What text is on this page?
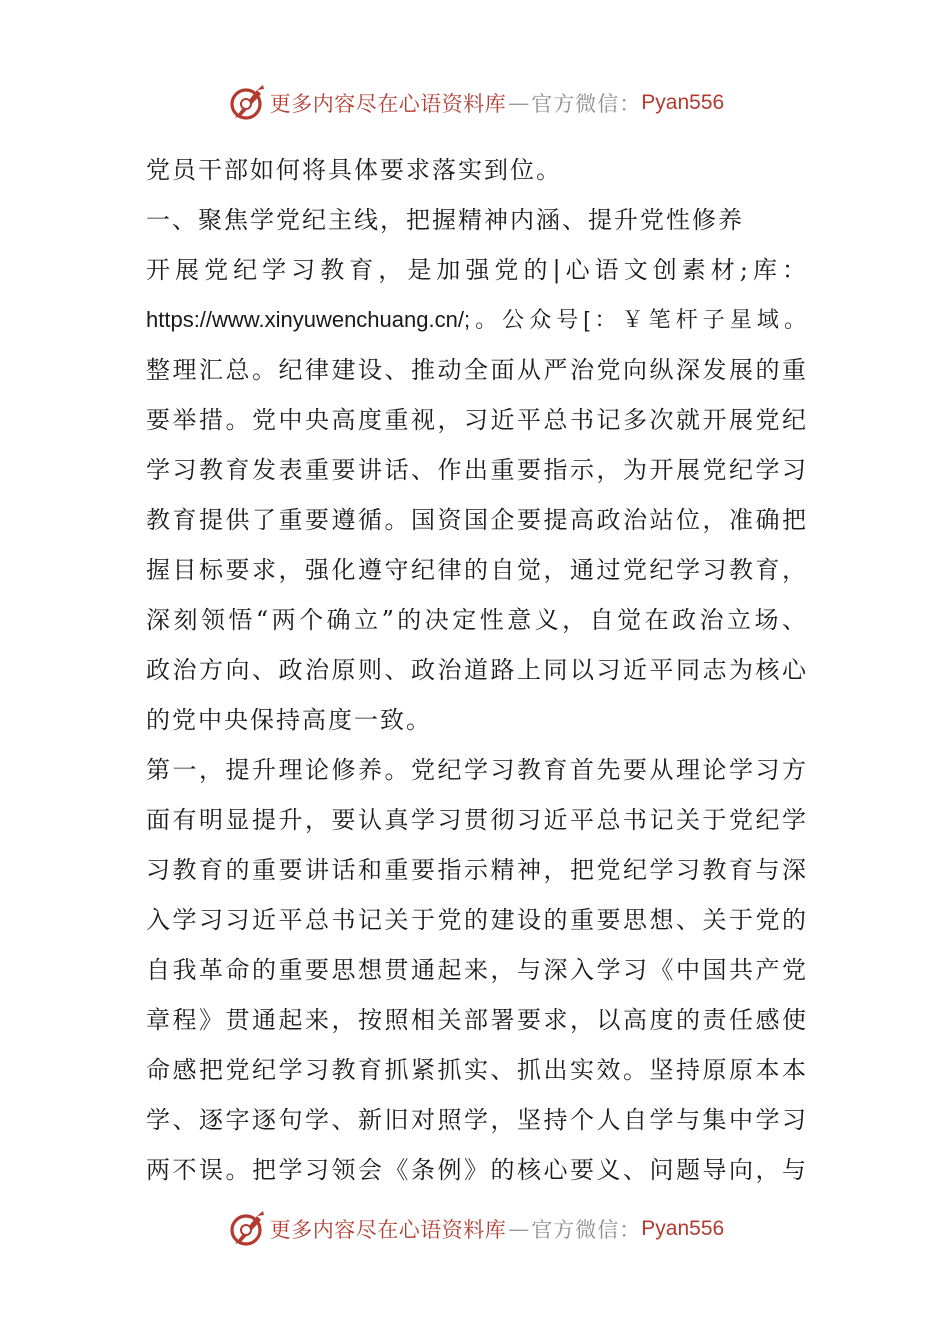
更多内容尽在心语资料库 — 官方微信： Pyan556
党员干部如何将具体要求落实到位。
一、聚焦学党纪主线，把握精神内涵、提升党性修养
开展党纪学习教育，是加强党的|心语文创素材;库：
https://www.xinyuwenchuang.cn/;。公众号[：￥笔杆子星域。
整理汇总。纪律建设、推动全面从严治党向纵深发展的重
要举措。党中央高度重视，习近平总书记多次就开展党纪
学习教育发表重要讲话、作出重要指示，为开展党纪学习
教育提供了重要遵循。国资国企要提高政治站位，准确把
握目标要求，强化遵守纪律的自觉，通过党纪学习教育，
深刻领悟“两个确立”的决定性意义，自觉在政治立场、
政治方向、政治原则、政治道路上同以习近平同志为核心
的党中央保持高度一致。
第一，提升理论修养。党纪学习教育首先要从理论学习方
面有明显提升，要认真学习贯彻习近平总书记关于党纪学
习教育的重要讲话和重要指示精神，把党纪学习教育与深
入学习习近平总书记关于党的建设的重要思想、关于党的
自我革命的重要思想贯通起来，与深入学习《中国共产党
章程》贯通起来，按照相关部署要求，以高度的责任感使
命感把党纪学习教育抓紧抓实、抓出实效。坚持原原本本
学、逐字逐句学、新旧对照学，坚持个人自学与集中学习
两不误。把学习领会《条例》的核心要义、问题导向，与
更多内容尽在心语资料库 — 官方微信： Pyan556
